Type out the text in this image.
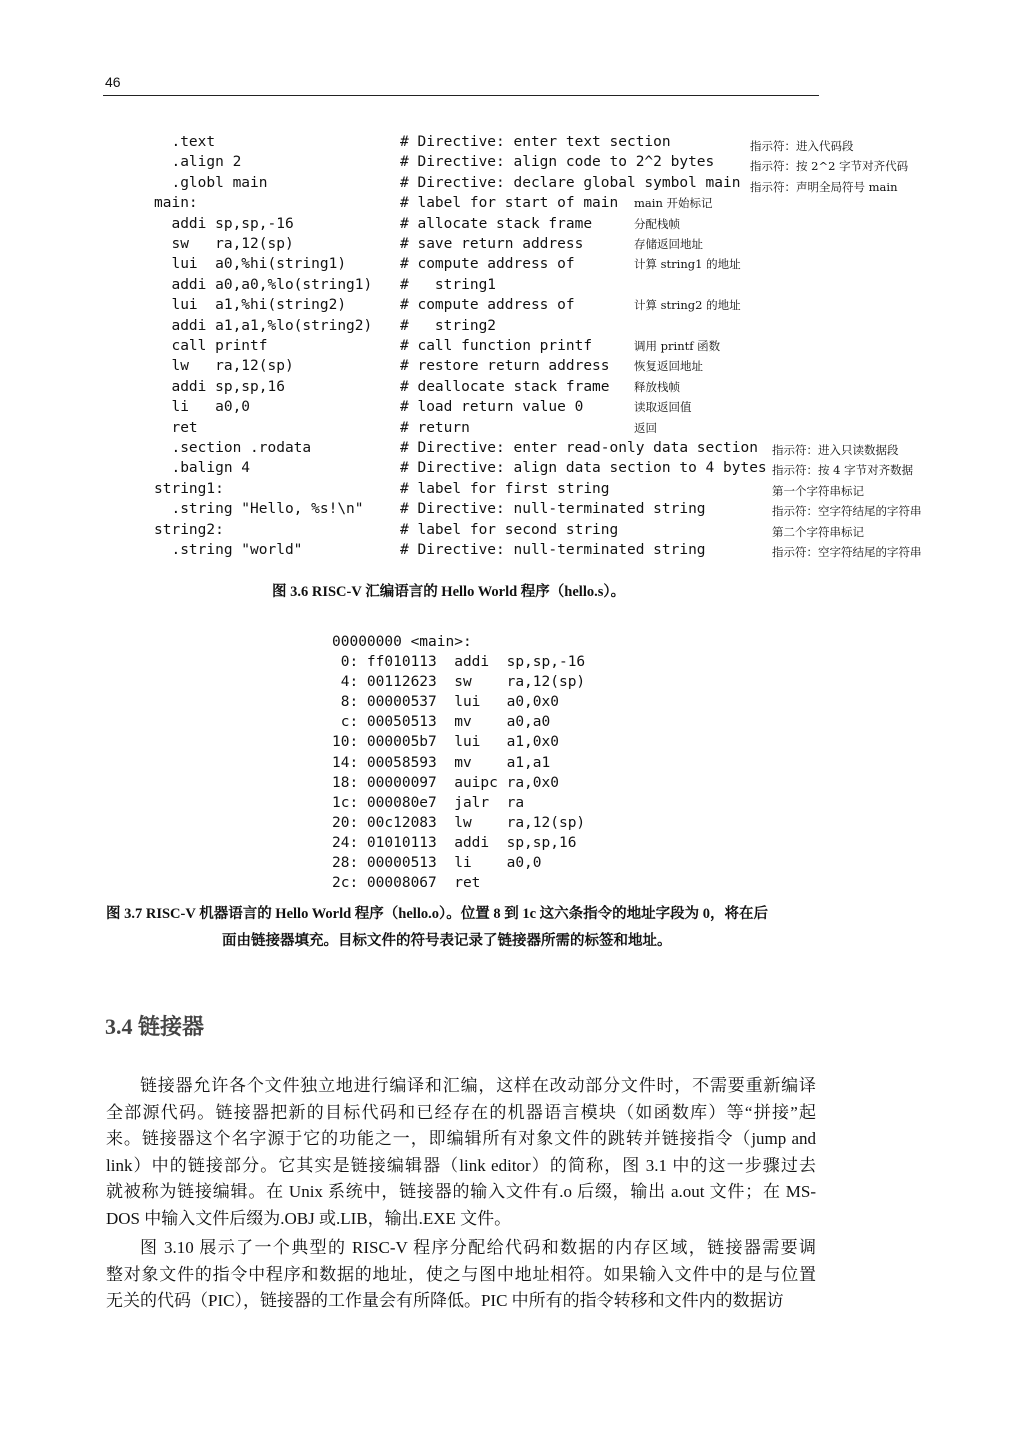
46
.text	# Directive: enter text section	指示符：进入代码段
.align 2	# Directive: align code to 2^2 bytes	指示符：按 2^2 字节对齐代码
.globl main	# Directive: declare global symbol main 指示符：声明全局符号 main
main:	# label for start of main main 开始标记
addi sp,sp,-16	# allocate stack frame	分配栈帧
sw   ra,12(sp)	# save return address	存储返回地址
lui  a0,%hi(string1)	# compute address of	计算 string1 的地址
addi a0,a0,%lo(string1) #   string1
lui  a1,%hi(string2)	# compute address of	计算 string2 的地址
addi a1,a1,%lo(string2) #   string2
call printf	# call function printf	调用 printf 函数
lw   ra,12(sp)	# restore return address 恢复返回地址
addi sp,sp,16	# deallocate stack frame 释放栈帧
li   a0,0	# load return value 0	读取返回值
ret	# return	返回
.section .rodata	# Directive: enter read-only data section 指示符：进入只读数据段
.balign 4	# Directive: align data section to 4 bytes 指示符：按 4 字节对齐数据
string1:	# label for first string	第一个字符串标记
.string "Hello, %s!\n"	# Directive: null-terminated string	指示符：空字符结尾的字符串
string2:	# label for second string	第二个字符串标记
.string "world"	# Directive: null-terminated string	指示符：空字符结尾的字符串
图 3.6 RISC-V 汇编语言的 Hello World 程序（hello.s）。
00000000 <main>:
0: ff010113  addi  sp,sp,-16
4: 00112623  sw    ra,12(sp)
8: 00000537  lui   a0,0x0
c: 00050513  mv    a0,a0
10: 000005b7  lui   a1,0x0
14: 00058593  mv    a1,a1
18: 00000097  auipc ra,0x0
1c: 000080e7  jalr  ra
20: 00c12083  lw    ra,12(sp)
24: 01010113  addi  sp,sp,16
28: 00000513  li    a0,0
2c: 00008067  ret
图 3.7 RISC-V 机器语言的 Hello World 程序（hello.o）。位置 8 到 1c 这六条指令的地址字段为 0，将在后
面由链接器填充。目标文件的符号表记录了链接器所需的标签和地址。
3.4 链接器
链接器允许各个文件独立地进行编译和汇编，这样在改动部分文件时，不需要重新编译
全部源代码。链接器把新的目标代码和已经存在的机器语言模块（如函数库）等“拼接”起
来。链接器这个名字源于它的功能之一，即编辑所有对象文件的跳转并链接指令（jump and
link）中的链接部分。它其实是链接编辑器（link editor）的简称，图 3.1 中的这一步骤过去
就被称为链接编辑。在 Unix 系统中，链接器的输入文件有.o 后缀，输出 a.out 文件；在 MS-
DOS 中输入文件后缀为.OBJ 或.LIB，输出.EXE 文件。
图 3.10 展示了一个典型的 RISC-V 程序分配给代码和数据的内存区域，链接器需要调
整对象文件的指令中程序和数据的地址，使之与图中地址相符。如果输入文件中的是与位置
无关的代码（PIC），链接器的工作量会有所降低。PIC 中所有的指令转移和文件内的数据访
